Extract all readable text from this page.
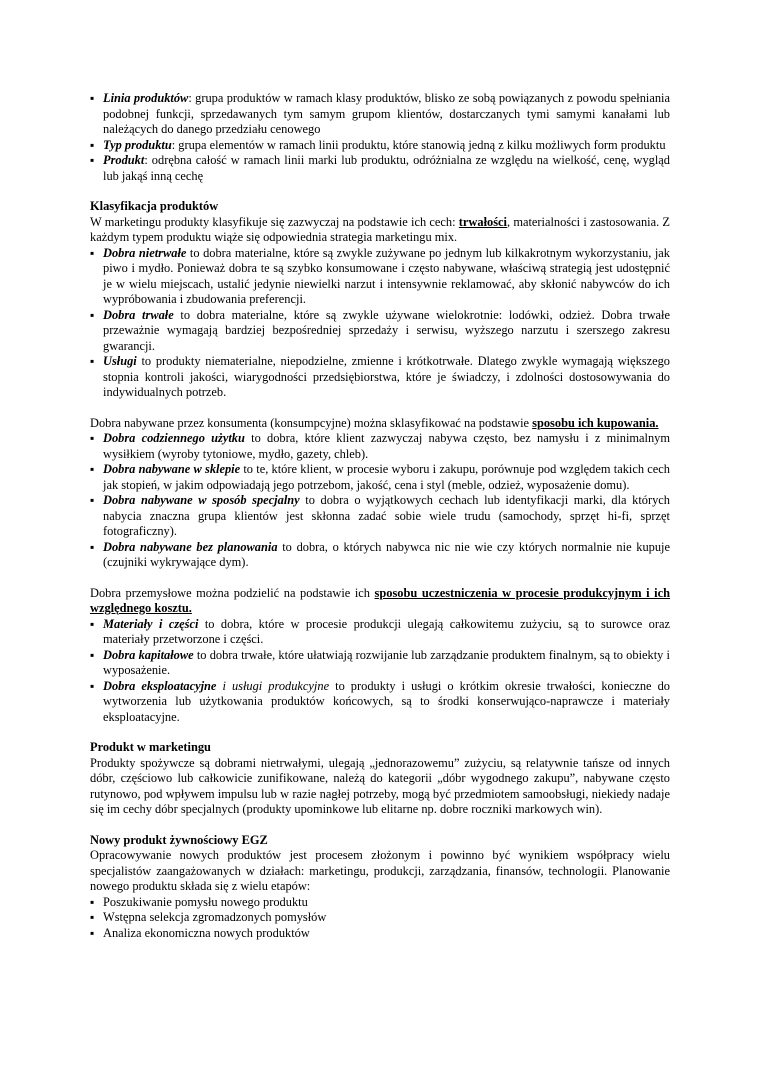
▪ Linia produktów: grupa produktów w ramach klasy produktów, blisko ze sobą powiązanych z powodu spełniania podobnej funkcji, sprzedawanych tym samym grupom klientów, dostarczanych tymi samymi kanałami lub należących do danego przedziału cenowego
▪ Typ produktu: grupa elementów w ramach linii produktu, które stanowią jedną z kilku możliwych form produktu
▪ Produkt: odrębna całość w ramach linii marki lub produktu, odróżnialna ze względu na wielkość, cenę, wygląd lub jakąś inną cechę
Klasyfikacja produktów

W marketingu produkty klasyfikuje się zazwyczaj na podstawie ich cech: trwałości, materialności i zastosowania. Z każdym typem produktu wiąże się odpowiednia strategia marketingu mix.

▪ Dobra nietrwałe to dobra materialne, które są zwykle zużywane po jednym lub kilkakrotnym wykorzystaniu, jak piwo i mydło. Ponieważ dobra te są szybko konsumowane i często nabywane, właściwą strategią jest udostępnić je w wielu miejscach, ustalić jedynie niewielki narzut i intensywnie reklamować, aby skłonić nabywców do ich wypróbowania i zbudowania preferencji.
▪ Dobra trwałe to dobra materialne, które są zwykle używane wielokrotnie: lodówki, odzież. Dobra trwałe przeważnie wymagają bardziej bezpośredniej sprzedaży i serwisu, wyższego narzutu i szerszego zakresu gwarancji.
▪ Usługi to produkty niematerialne, niepodzielne, zmienne i krótkotrwałe. Dlatego zwykle wymagają większego stopnia kontroli jakości, wiarygodności przedsiębiorstwa, które je świadczy, i zdolności dostosowywania do indywidualnych potrzeb.

Dobra nabywane przez konsumenta (konsumpcyjne) można sklasyfikować na podstawie sposobu ich kupowania.

▪ Dobra codziennego użytku to dobra, które klient zazwyczaj nabywa często, bez namysłu i z minimalnym wysiłkiem (wyroby tytoniowe, mydło, gazety, chleb).
▪ Dobra nabywane w sklepie to te, które klient, w procesie wyboru i zakupu, porównuje pod względem takich cech jak stopień, w jakim odpowiadają jego potrzebom, jakość, cena i styl (meble, odzież, wyposażenie domu).
▪ Dobra nabywane w sposób specjalny to dobra o wyjątkowych cechach lub identyfikacji marki, dla których nabycia znaczna grupa klientów jest skłonna zadać sobie wiele trudu (samochody, sprzęt hi-fi, sprzęt fotograficzny).
▪ Dobra nabywane bez planowania to dobra, o których nabywca nic nie wie czy których normalnie nie kupuje (czujniki wykrywające dym).

Dobra przemysłowe można podzielić na podstawie ich sposobu uczestniczenia w procesie produkcyjnym i ich względnego kosztu.

▪ Materiały i części to dobra, które w procesie produkcji ulegają całkowitemu zużyciu, są to surowce oraz materiały przetworzone i części.
▪ Dobra kapitałowe to dobra trwałe, które ułatwiają rozwijanie lub zarządzanie produktem finalnym, są to obiekty i wyposażenie.
▪ Dobra eksploatacyjne i usługi produkcyjne to produkty i usługi o krótkim okresie trwałości, konieczne do wytworzenia lub użytkowania produktów końcowych, są to środki konserwująco-naprawcze i materiały eksploatacyjne.
Produkt w marketingu

Produkty spożywcze są dobrami nietrwałymi, ulegają „jednorazowemu” zużyciu, są relatywnie tańsze od innych dóbr, częściowo lub całkowicie zunifikowane, należą do kategorii „dóbr wygodnego zakupu”, nabywane często rutynowo, pod wpływem impulsu lub w razie nagłej potrzeby, mogą być przedmiotem samoobsługi, niekiedy nadaje się im cechy dóbr specjalnych (produkty upominkowe lub elitarne np. dobre roczniki markowych win).

Nowy produkt żywnościowy EGZ

Opracowywanie nowych produktów jest procesem złożonym i powinno być wynikiem współpracy wielu specjalistów zaangażowanych w działach: marketingu, produkcji, zarządzania, finansów, technologii. Planowanie nowego produktu składa się z wielu etapów:

▪ Poszukiwanie pomysłu nowego produktu
▪ Wstępna selekcja zgromadzonych pomysłów
▪ Analiza ekonomiczna nowych produktów
